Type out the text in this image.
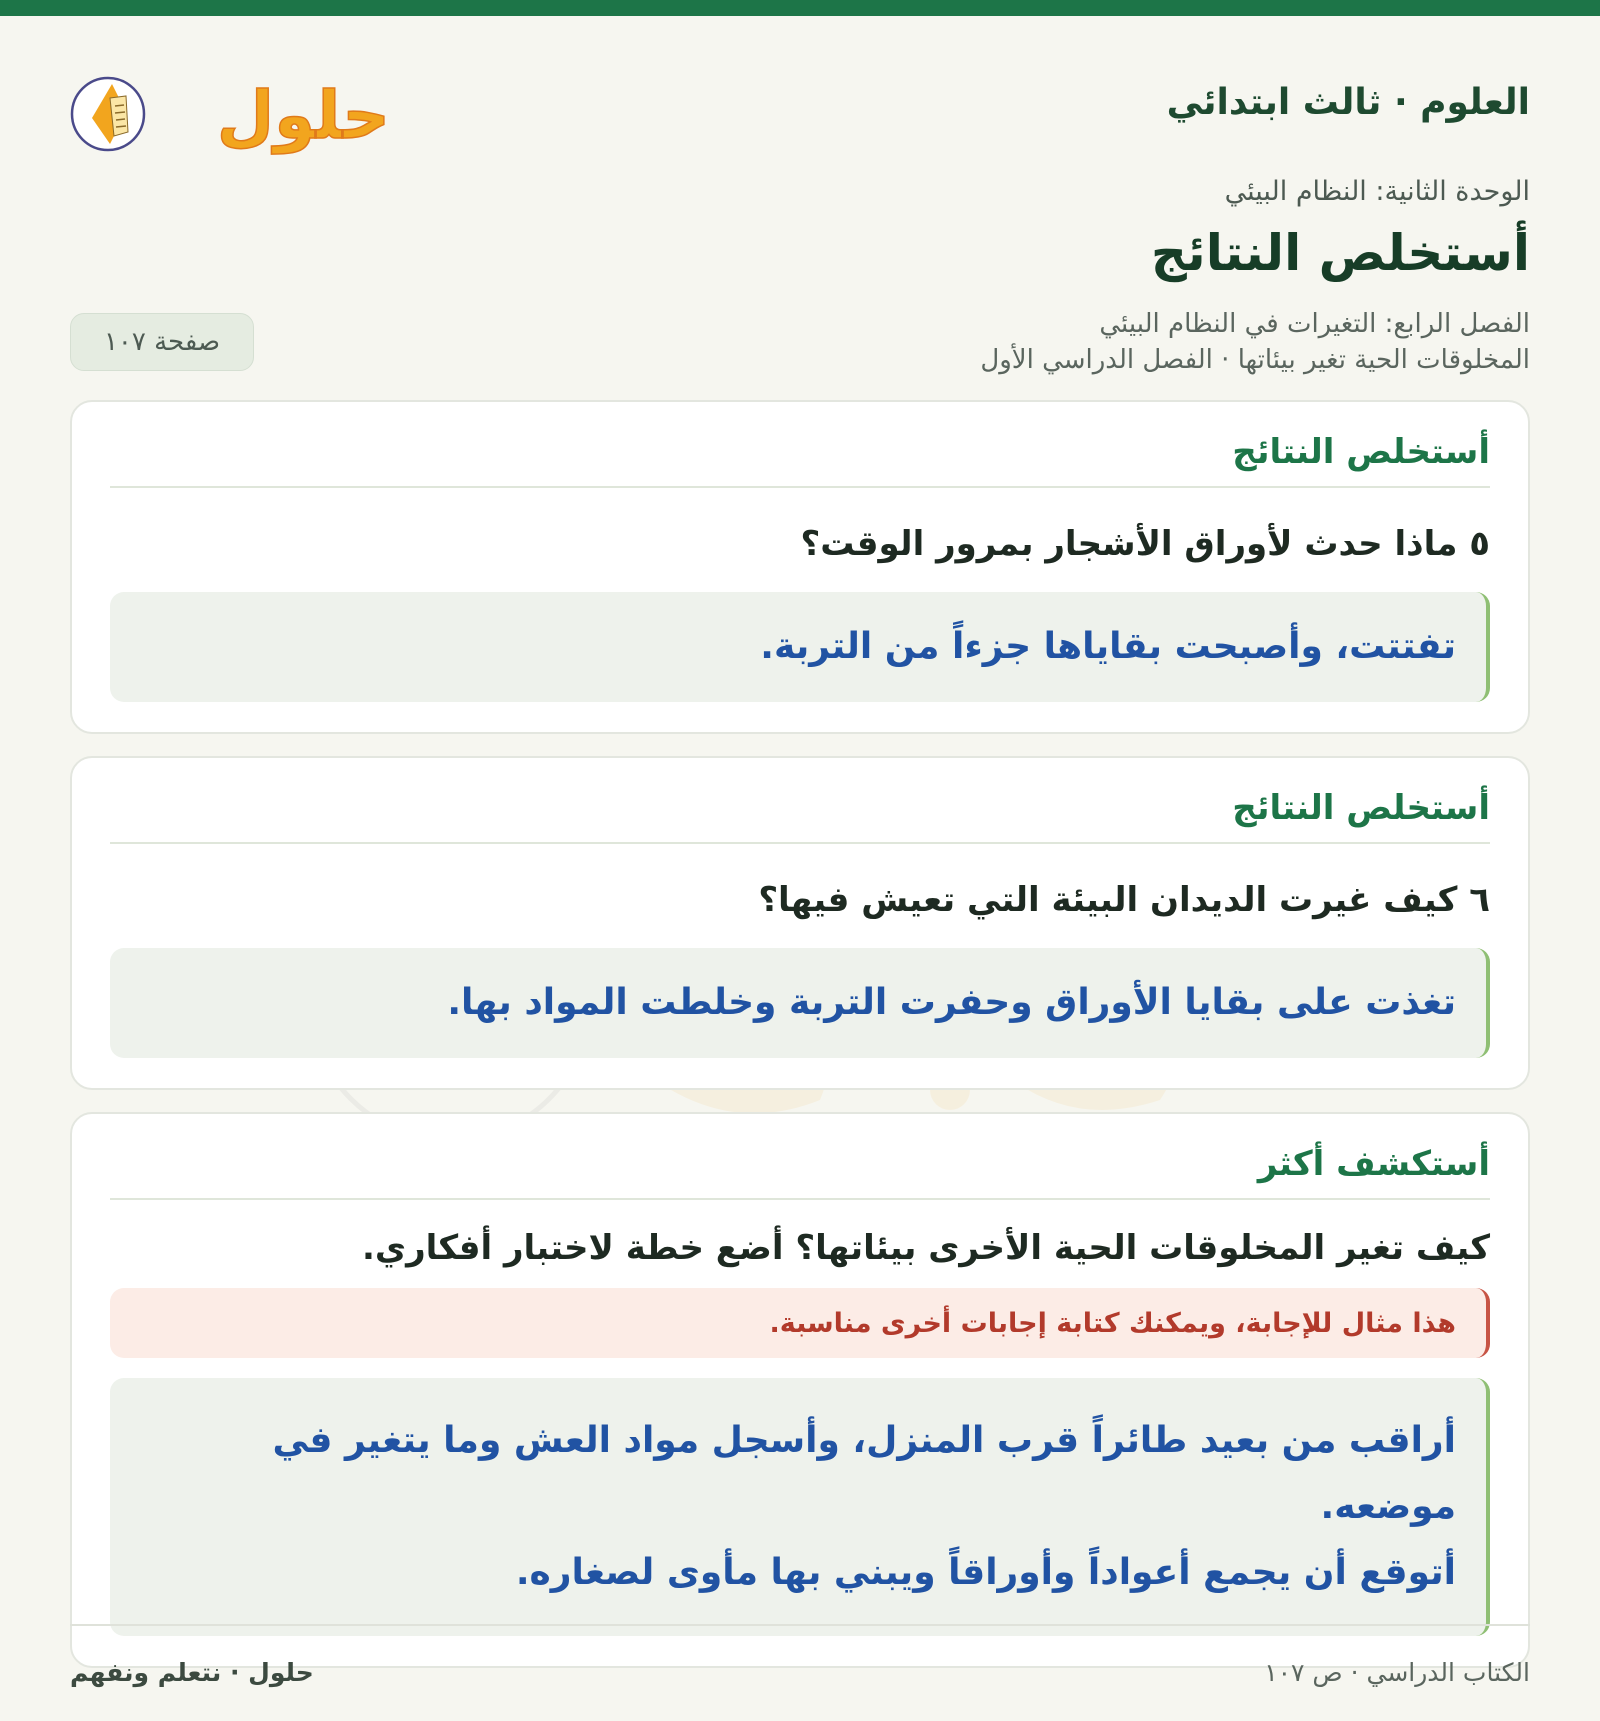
العلوم · ثالث ابتدائي
الوحدة الثانية: النظام البيئي
أستخلص النتائج
الفصل الرابع: التغيرات في النظام البيئي
المخلوقات الحية تغير بيئاتها · الفصل الدراسي الأول
صفحة ١٠٧
حلول
أستخلص النتائج
٥ ماذا حدث لأوراق الأشجار بمرور الوقت؟
تفتتت، وأصبحت بقاياها جزءاً من التربة.
أستخلص النتائج
٦ كيف غيرت الديدان البيئة التي تعيش فيها؟
تغذت على بقايا الأوراق وحفرت التربة وخلطت المواد بها.
أستكشف أكثر
كيف تغير المخلوقات الحية الأخرى بيئاتها؟ أضع خطة لاختبار أفكاري.
هذا مثال للإجابة، ويمكنك كتابة إجابات أخرى مناسبة.
أراقب من بعيد طائراً قرب المنزل، وأسجل مواد العش وما يتغير في موضعه.
أتوقع أن يجمع أعواداً وأوراقاً ويبني بها مأوى لصغاره.
الكتاب الدراسي · ص ١٠٧
حلول · نتعلم ونفهم
